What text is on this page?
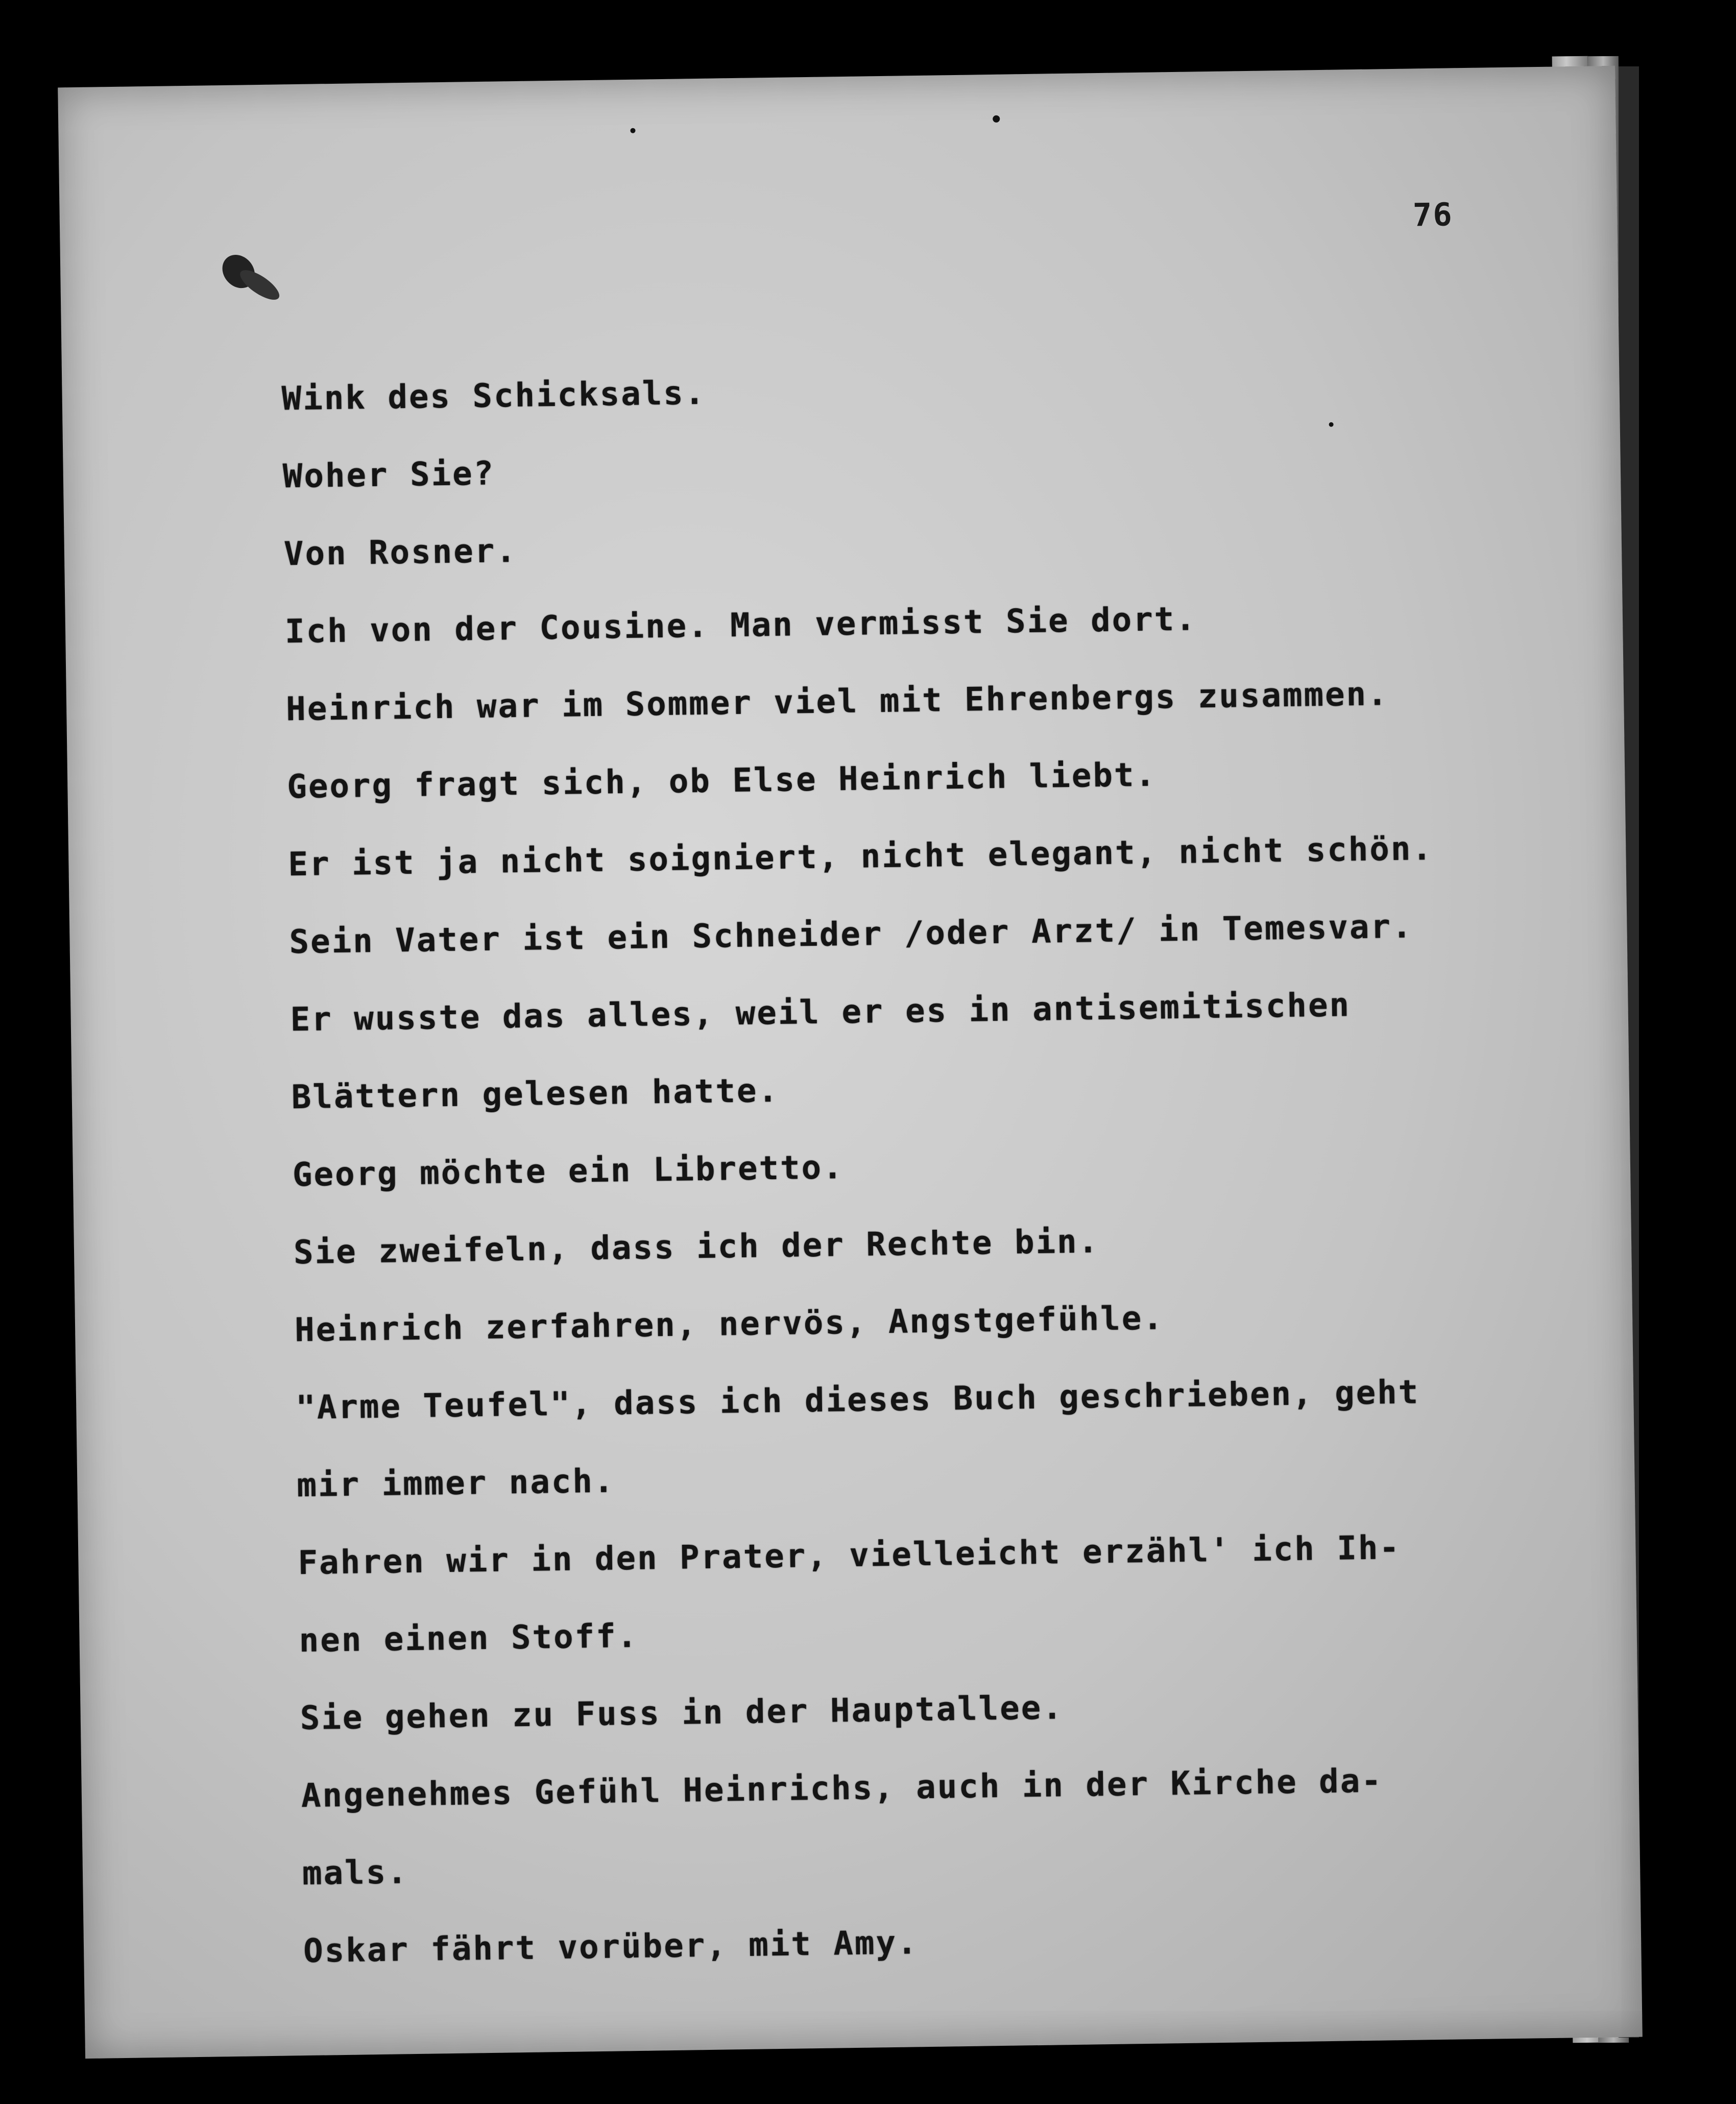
76
Wink des Schicksals.
Woher Sie?
Von Rosner.
Ich von der Cousine. Man vermisst Sie dort.
Heinrich war im Sommer viel mit Ehrenbergs zusammen.
Georg fragt sich, ob Else Heinrich liebt.
Er ist ja nicht soigniert, nicht elegant, nicht schön.
Sein Vater ist ein Schneider /oder Arzt/ in Temesvar.
Er wusste das alles, weil er es in antisemitischen
Blättern gelesen hatte.
Georg möchte ein Libretto.
Sie zweifeln, dass ich der Rechte bin.
Heinrich zerfahren, nervös, Angstgefühle.
"Arme Teufel", dass ich dieses Buch geschrieben, geht
mir immer nach.
Fahren wir in den Prater, vielleicht erzähl' ich Ih-
nen einen Stoff.
Sie gehen zu Fuss in der Hauptallee.
Angenehmes Gefühl Heinrichs, auch in der Kirche da-
mals.
Oskar fährt vorüber, mit Amy.
